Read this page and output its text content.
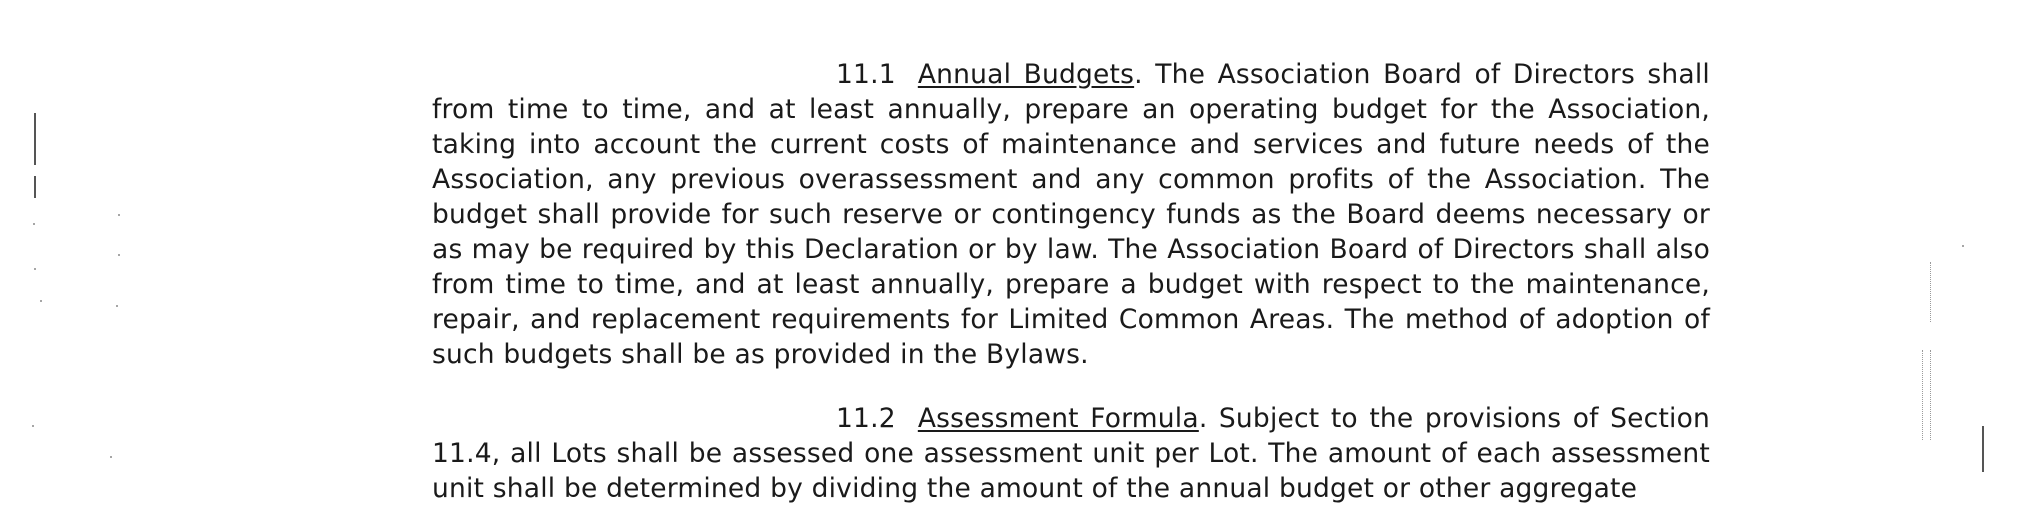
11.1 Annual Budgets. The Association Board of Directors shall from time to time, and at least annually, prepare an operating budget for the Association, taking into account the current costs of maintenance and services and future needs of the Association, any previous overassessment and any common profits of the Association. The budget shall provide for such reserve or contingency funds as the Board deems necessary or as may be required by this Declaration or by law. The Association Board of Directors shall also from time to time, and at least annually, prepare a budget with respect to the maintenance, repair, and replacement requirements for Limited Common Areas. The method of adoption of such budgets shall be as provided in the Bylaws.
11.2 Assessment Formula. Subject to the provisions of Section 11.4, all Lots shall be assessed one assessment unit per Lot. The amount of each assessment unit shall be determined by dividing the amount of the annual budget or other aggregate
